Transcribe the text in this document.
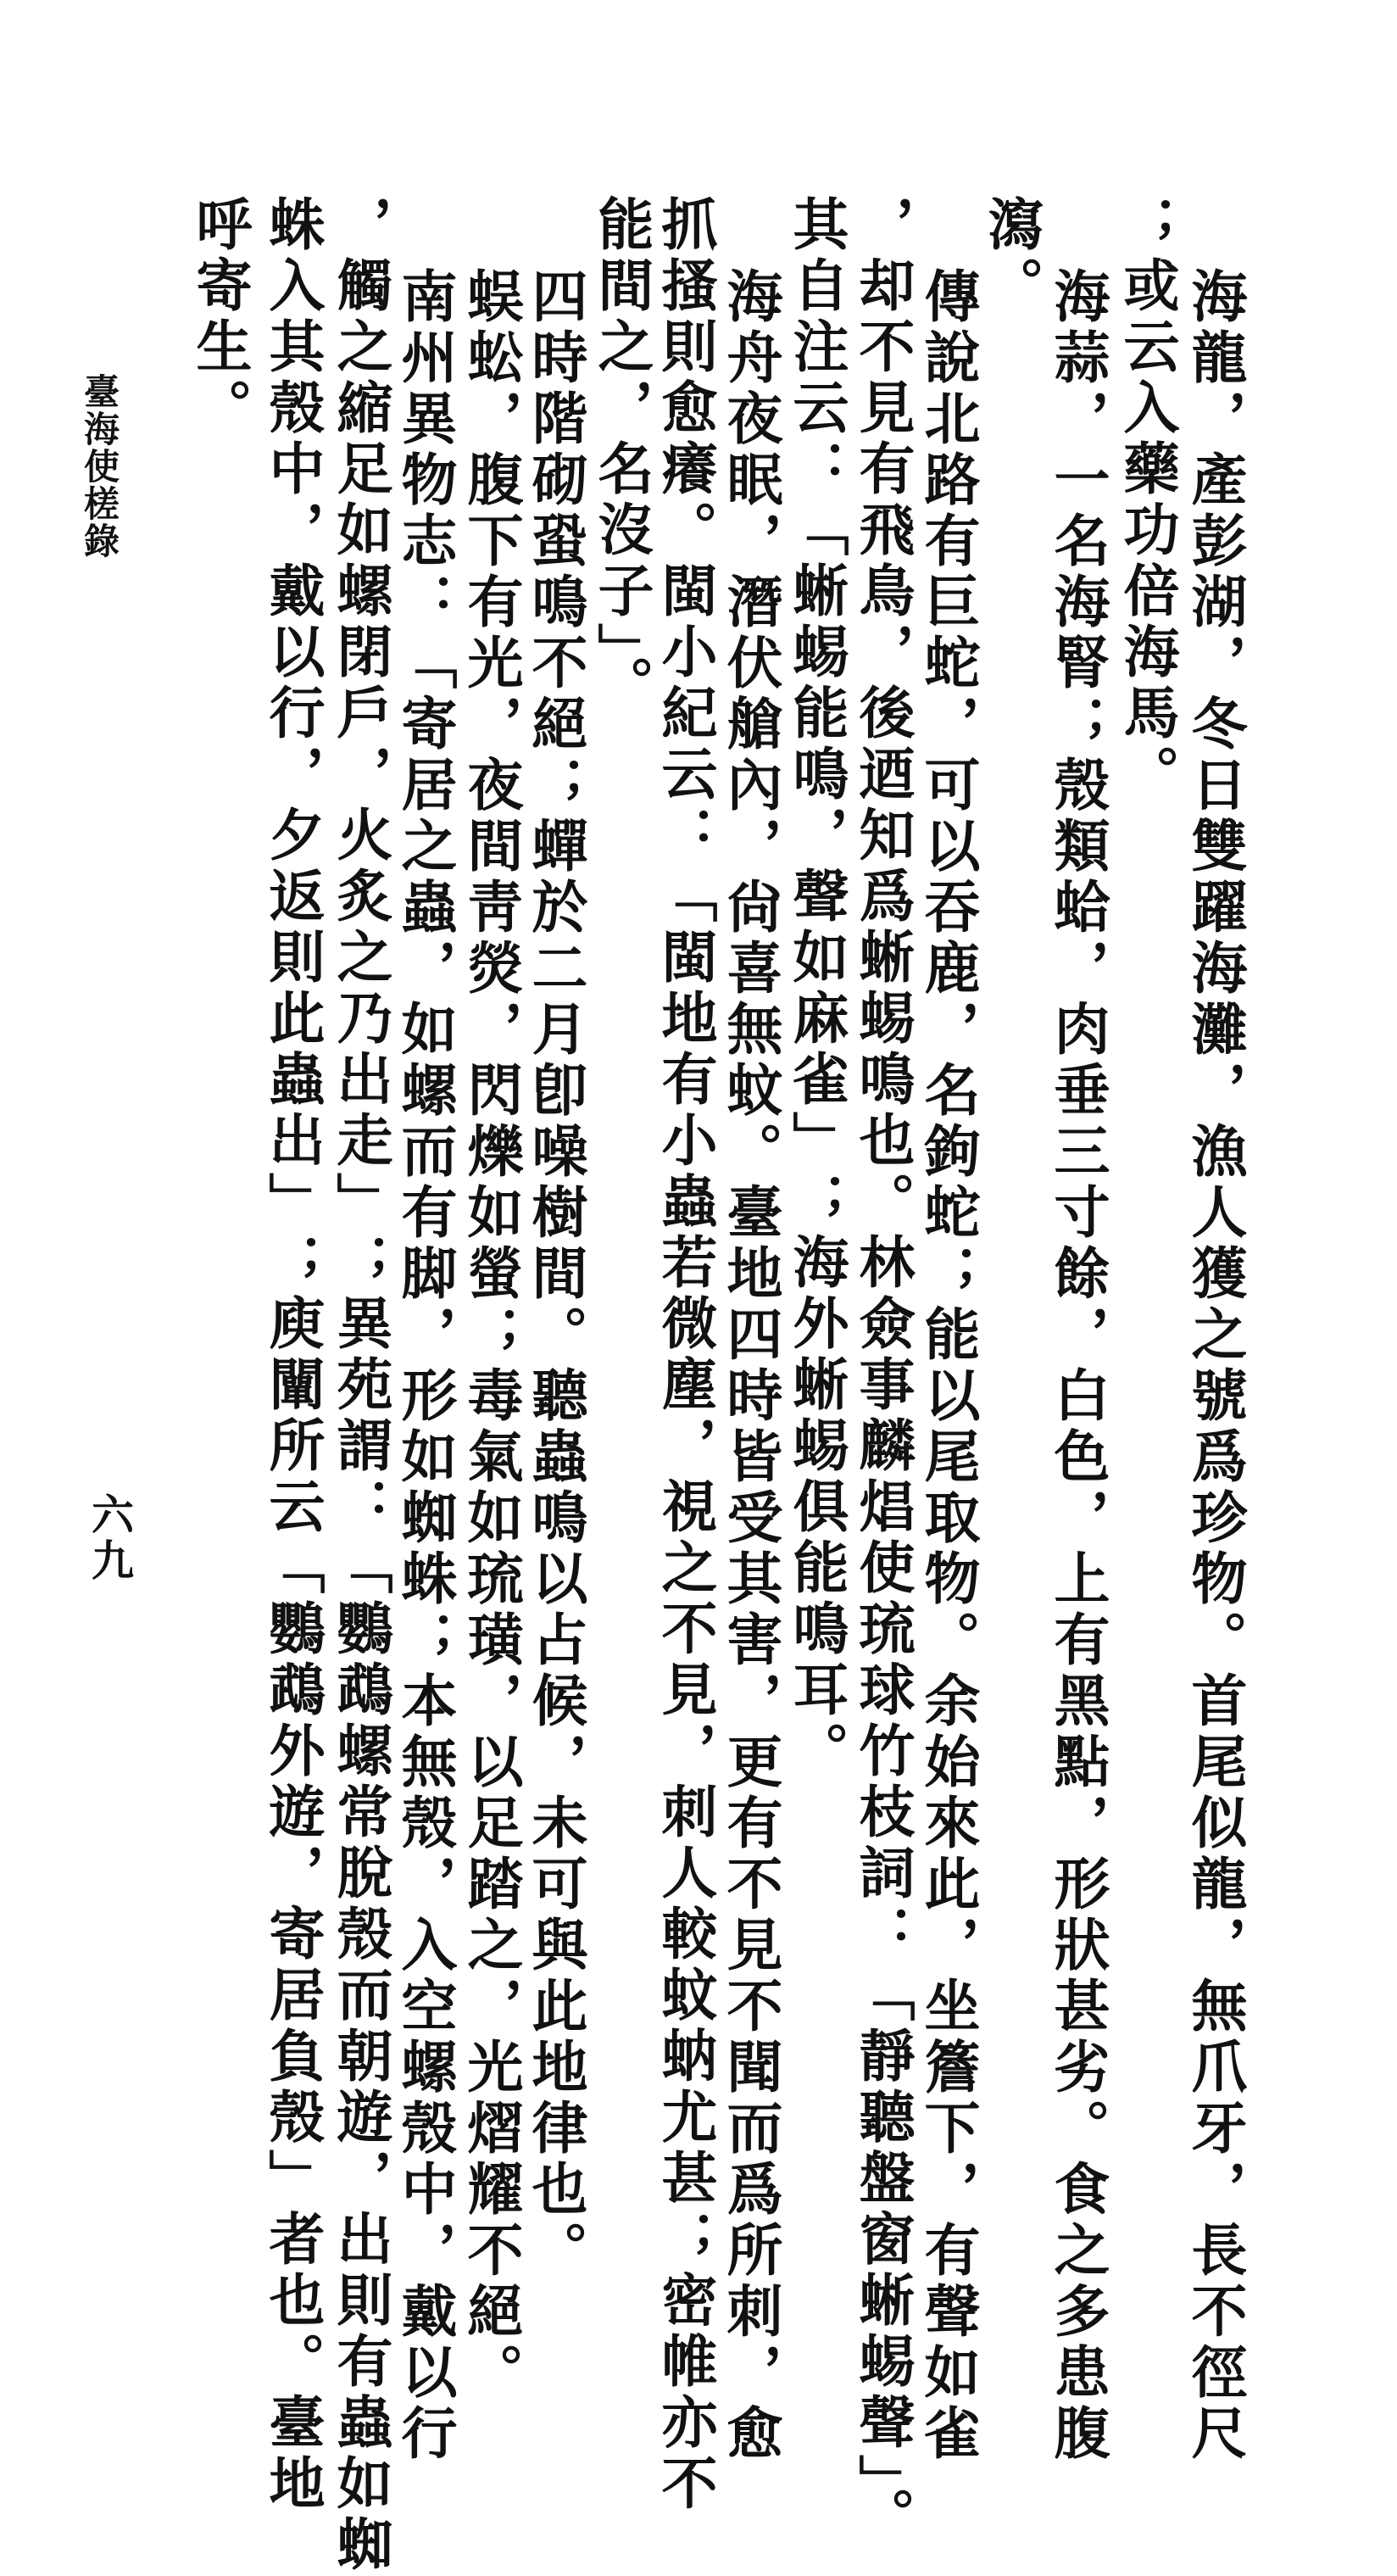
海龍，產彭湖，冬日雙躍海灘，漁人獲之號爲珍物。首尾似龍，無爪牙，長不徑尺
；或云入藥功倍海馬。
海蒜，一名海腎；殼類蛤，肉垂三寸餘，白色，上有黑點，形狀甚劣。食之多患腹
瀉。
傳說北路有巨蛇，可以吞鹿，名鉤蛇；能以尾取物。余始來此，坐簷下，有聲如雀
，却不見有飛鳥，後迺知爲蜥蜴鳴也。林僉事麟焻使琉球竹枝詞：「靜聽盤窗蜥蜴聲」。
其自注云：「蜥蜴能鳴，聲如麻雀」；海外蜥蜴俱能鳴耳。
海舟夜眠，潛伏艙內，尙喜無蚊。臺地四時皆受其害，更有不見不聞而爲所刺，愈
抓搔則愈癢。閩小紀云：「閩地有小蟲若微塵，視之不見，刺人較蚊蚋尤甚；密帷亦不
能間之，名沒子」。
四時階砌蛩鳴不絕；蟬於二月卽噪樹間。聽蟲鳴以占候，未可與此地律也。
蜈蚣，腹下有光，夜間靑熒，閃爍如螢；毒氣如琉璜，以足踏之，光熠耀不絕。
南州異物志：「寄居之蟲，如螺而有脚，形如蜘蛛；本無殼，入空螺殼中，戴以行
，觸之縮足如螺閉戶，火炙之乃出走」；異苑謂：「鸚鵡螺常脫殼而朝遊，出則有蟲如蜘
蛛入其殼中，戴以行，夕返則此蟲出」；庾闡所云「鸚鵡外遊，寄居負殼」者也。臺地
呼寄生。
臺海使槎錄
六九
